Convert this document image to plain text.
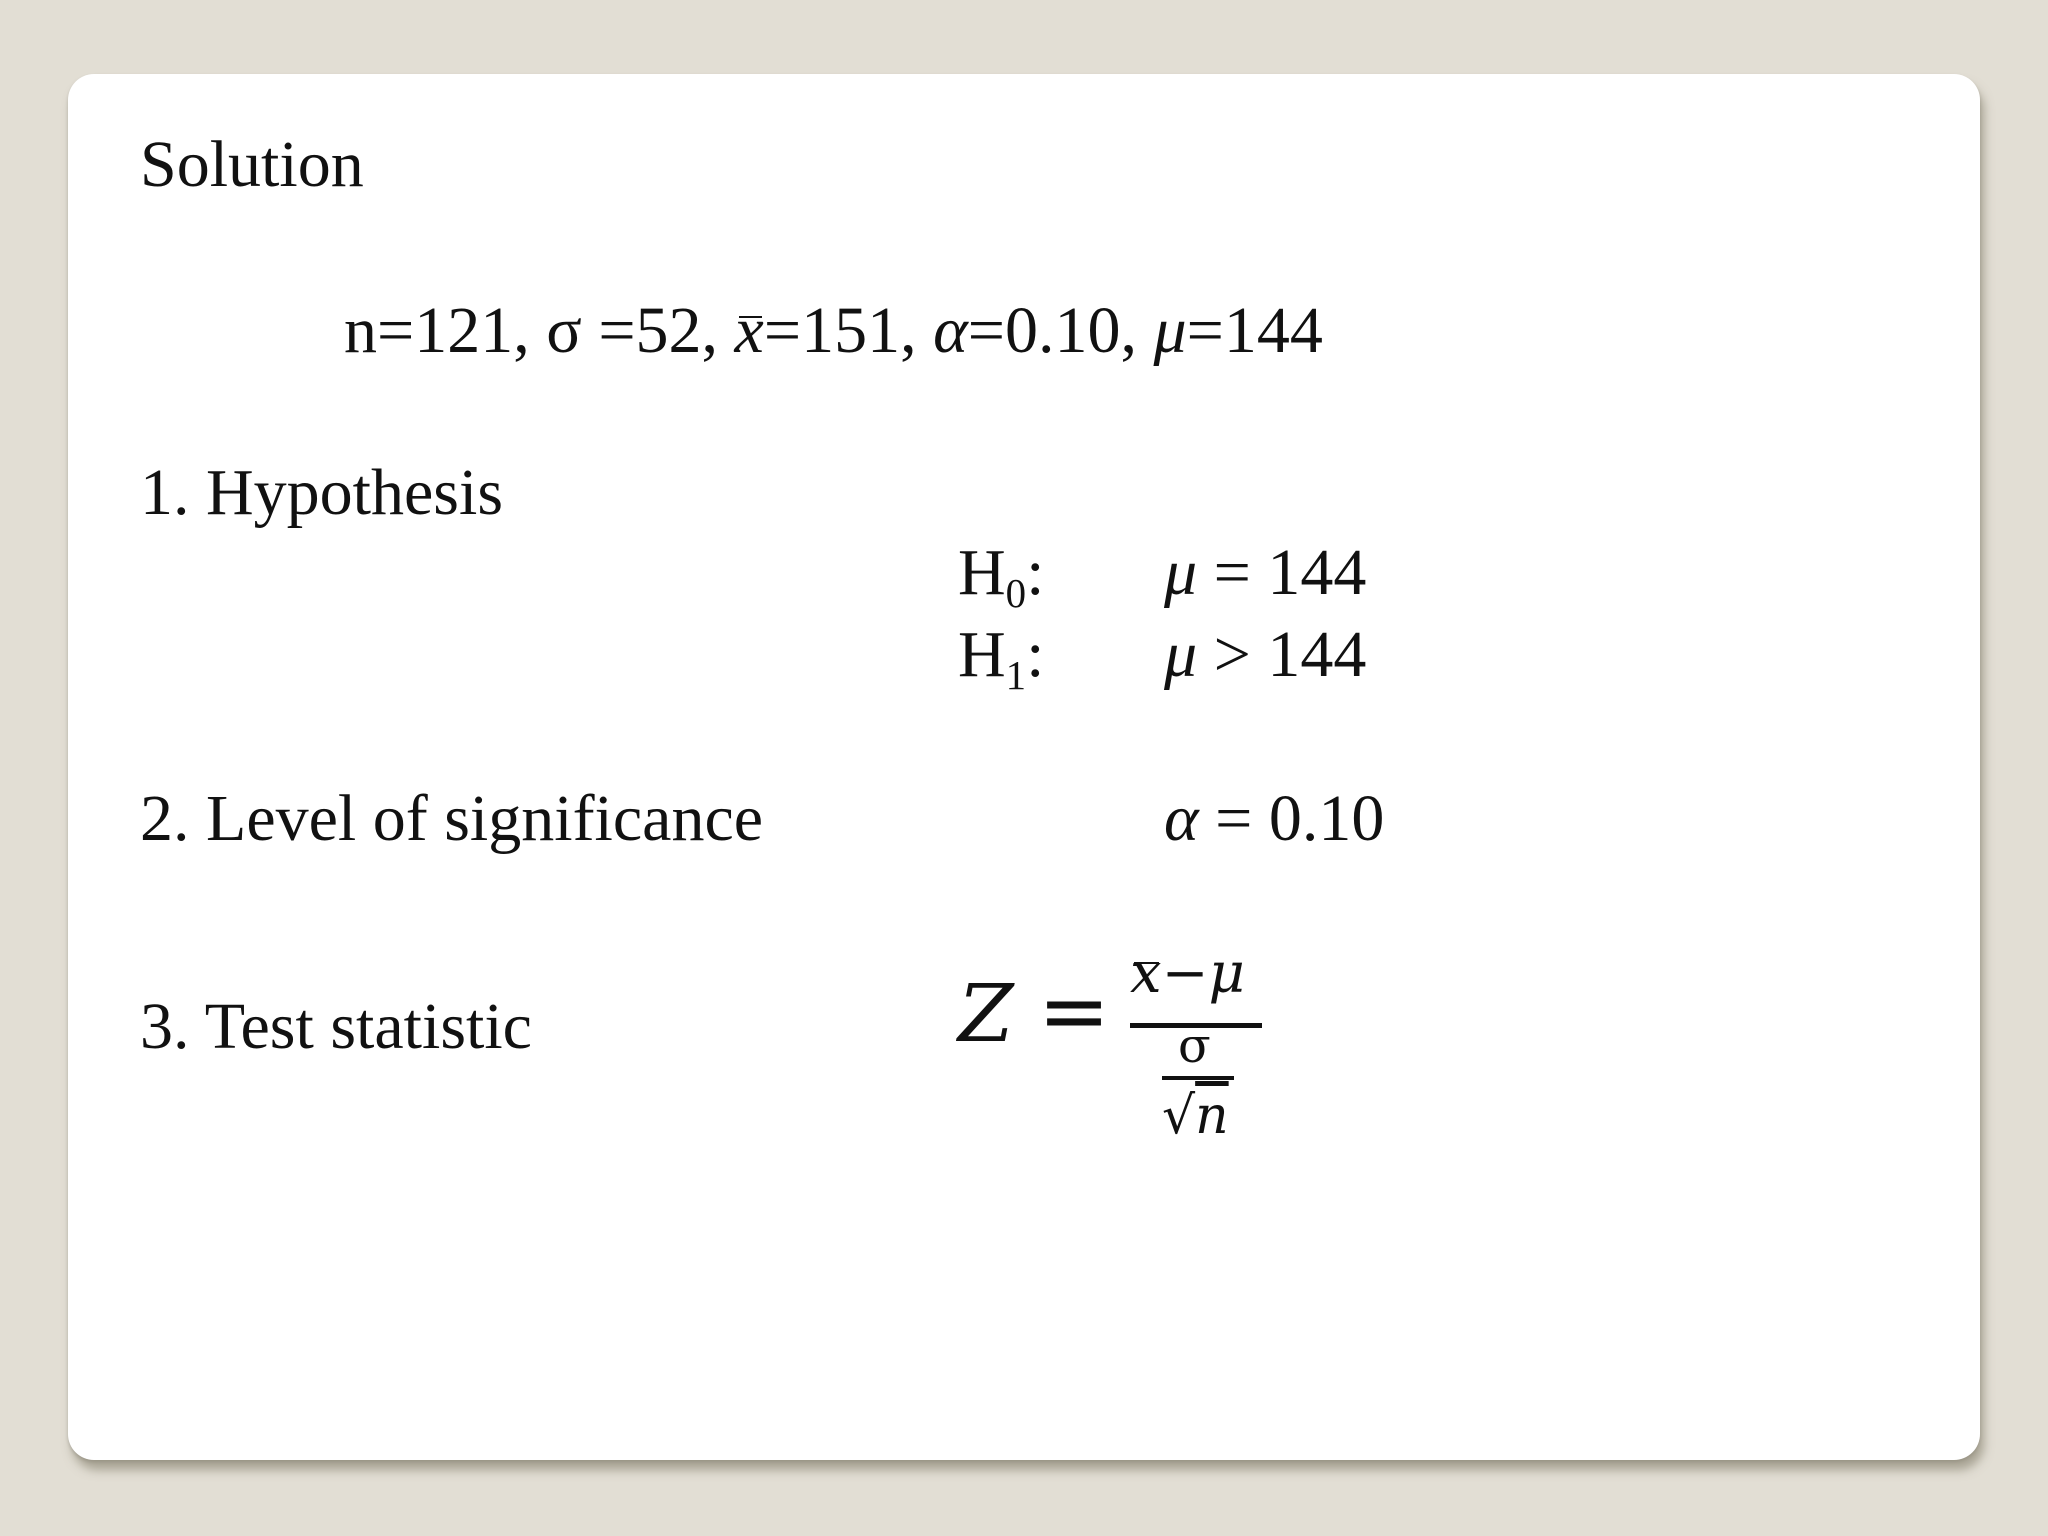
Solution
n=121, σ =52, x=151, α=0.10, μ=144
1. Hypothesis
$H_0$: μ = 144
$H_1$: μ > 144
2. Level of significance	α = 0.10
3. Test statistic	Z = x−μ
σ
√n
